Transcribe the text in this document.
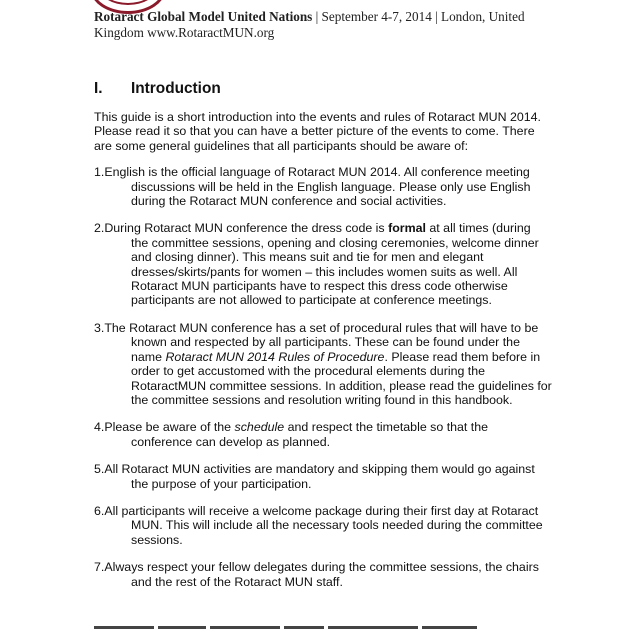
Rotaract Global Model United Nations | September 4-7, 2014 | London, United
Kingdom www.RotaractMUN.org
I. Introduction

This guide is a short introduction into the events and rules of Rotaract MUN 2014. Please read it so that you can have a better picture of the events to come. There are some general guidelines that all participants should be aware of:

1.English is the official language of Rotaract MUN 2014. All conference meeting
discussions will be held in the English language. Please only use English during the Rotaract MUN conference and social activities.
2.During Rotaract MUN conference the dress code is formal at all times (during
the committee sessions, opening and closing ceremonies, welcome dinner and closing dinner). This means suit and tie for men and elegant dresses/skirts/pants for women – this includes women suits as well. All Rotaract MUN participants have to respect this dress code otherwise participants are not allowed to participate at conference meetings.
3.The Rotaract MUN conference has a set of procedural rules that will have to be
known and respected by all participants. These can be found under the name Rotaract MUN 2014 Rules of Procedure. Please read them before in order to get accustomed with the procedural elements during the RotaractMUN committee sessions. In addition, please read the guidelines for the committee sessions and resolution writing found in this handbook.
4.Please be aware of the schedule and respect the timetable so that the
conference can develop as planned.
5.All Rotaract MUN activities are mandatory and skipping them would go against
the purpose of your participation.
6.All participants will receive a welcome package during their first day at Rotaract
MUN. This will include all the necessary tools needed during the committee sessions.
7.Always respect your fellow delegates during the committee sessions, the chairs
and the rest of the Rotaract MUN staff.
